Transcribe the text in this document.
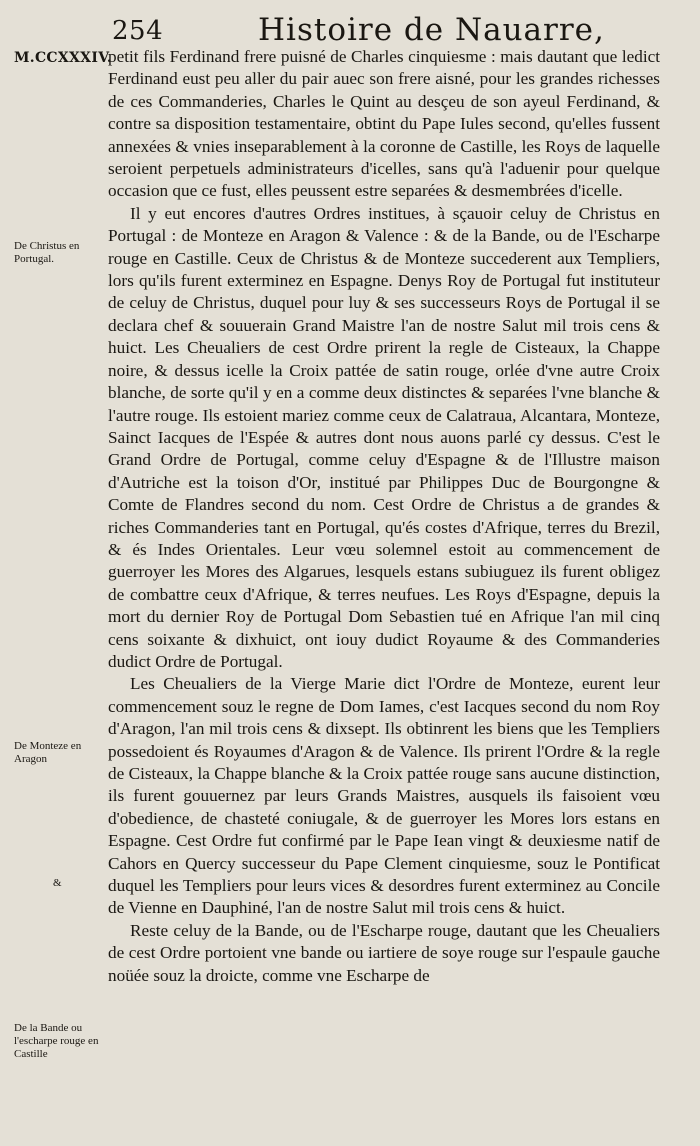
254	Histoire de Nauarre,
M.CCXXXIV.
De Christus en Portugal.
De Monteze en Aragon
&
De la Bande ou l'escharpe rouge en Castille

petit fils Ferdinand frere puisné de Charles cinquiesme : mais dautant que ledict Ferdinand eust peu aller du pair auec son frere aisné, pour les grandes richesses de ces Commanderies, Charles le Quint au desçeu de son ayeul Ferdinand, & contre sa disposition testamentaire, obtint du Pape Iules second, qu'elles fussent annexées & vnies inseparablement à la coronne de Castille, les Roys de laquelle seroient perpetuels administrateurs d'icelles, sans qu'à l'aduenir pour quelque occasion que ce fust, elles peussent estre separées & desmembrées d'icelle.

Il y eut encores d'autres Ordres institues, à sçauoir celuy de Christus en Portugal : de Monteze en Aragon & Valence : & de la Bande, ou de l'Escharpe rouge en Castille. Ceux de Christus & de Monteze succederent aux Templiers, lors qu'ils furent exterminez en Espagne. Denys Roy de Portugal fut instituteur de celuy de Christus, duquel pour luy & ses successeurs Roys de Portugal il se declara chef & souuerain Grand Maistre l'an de nostre Salut mil trois cens & huict. Les Cheualiers de cest Ordre prirent la regle de Cisteaux, la Chappe noire, & dessus icelle la Croix pattée de satin rouge, orlée d'vne autre Croix blanche, de sorte qu'il y en a comme deux distinctes & separées l'vne blanche & l'autre rouge. Ils estoient mariez comme ceux de Calatraua, Alcantara, Monteze, Sainct Iacques de l'Espée & autres dont nous auons parlé cy dessus. C'est le Grand Ordre de Portugal, comme celuy d'Espagne & de l'Illustre maison d'Autriche est la toison d'Or, institué par Philippes Duc de Bourgongne & Comte de Flandres second du nom. Cest Ordre de Christus a de grandes & riches Commanderies tant en Portugal, qu'és costes d'Afrique, terres du Brezil, & és Indes Orientales. Leur vœu solemnel estoit au commencement de guerroyer les Mores des Algarues, lesquels estans subiuguez ils furent obligez de combattre ceux d'Afrique, & terres neufues. Les Roys d'Espagne, depuis la mort du dernier Roy de Portugal Dom Sebastien tué en Afrique l'an mil cinq cens soixante & dixhuict, ont iouy dudict Royaume & des Commanderies dudict Ordre de Portugal.

Les Cheualiers de la Vierge Marie dict l'Ordre de Monteze, eurent leur commencement souz le regne de Dom Iames, c'est Iacques second du nom Roy d'Aragon, l'an mil trois cens & dixsept. Ils obtinrent les biens que les Templiers possedoient és Royaumes d'Aragon & de Valence. Ils prirent l'Ordre & la regle de Cisteaux, la Chappe blanche & la Croix pattée rouge sans aucune distinction, ils furent gouuernez par leurs Grands Maistres, ausquels ils faisoient vœu d'obedience, de chasteté coniugale, & de guerroyer les Mores lors estans en Espagne. Cest Ordre fut confirmé par le Pape Iean vingt & deuxiesme natif de Cahors en Quercy successeur du Pape Clement cinquiesme, souz le Pontificat duquel les Templiers pour leurs vices & desordres furent exterminez au Concile de Vienne en Dauphiné, l'an de nostre Salut mil trois cens & huict.

Reste celuy de la Bande, ou de l'Escharpe rouge, dautant que les Cheualiers de cest Ordre portoient vne bande ou iartiere de soye rouge sur l'espaule gauche noüée souz la droicte, comme vne Escharpe de
